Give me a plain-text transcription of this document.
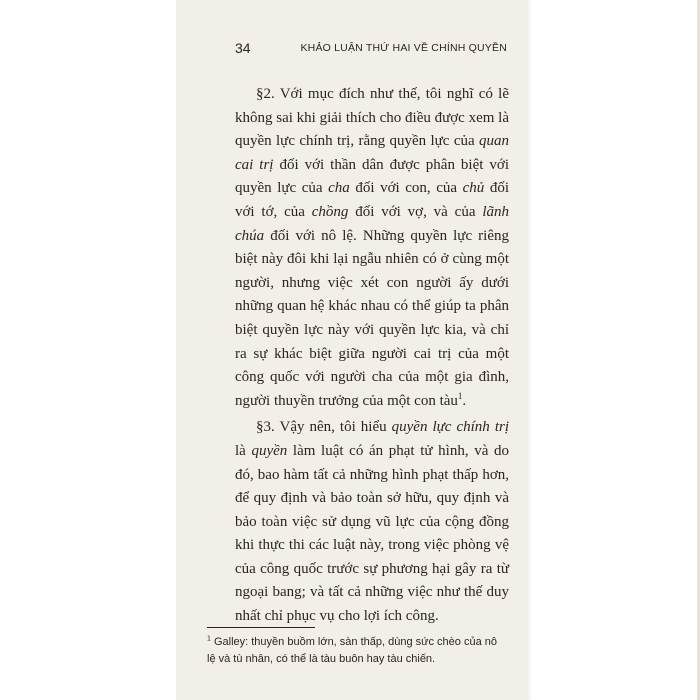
34	KHẢO LUẬN THỨ HAI VỀ CHÍNH QUYỀN

§2. Với mục đích như thế, tôi nghĩ có lẽ không sai khi giải thích cho điều được xem là quyền lực chính trị, rằng quyền lực của quan cai trị đối với thần dân được phân biệt với quyền lực của cha đối với con, của chủ đối với tớ, của chồng đối với vợ, và của lãnh chúa đối với nô lệ. Những quyền lực riêng biệt này đôi khi lại ngẫu nhiên có ở cùng một người, nhưng việc xét con người ấy dưới những quan hệ khác nhau có thể giúp ta phân biệt quyền lực này với quyền lực kia, và chỉ ra sự khác biệt giữa người cai trị của một công quốc với người cha của một gia đình, người thuyền trưởng của một con tàu$^1$.

§3. Vậy nên, tôi hiểu quyền lực chính trị là quyền làm luật có án phạt tử hình, và do đó, bao hàm tất cả những hình phạt thấp hơn, để quy định và bảo toàn sở hữu, quy định và bảo toàn việc sử dụng vũ lực của cộng đồng khi thực thi các luật này, trong việc phòng vệ của công quốc trước sự phương hại gây ra từ ngoại bang; và tất cả những việc như thế duy nhất chỉ phục vụ cho lợi ích công.

$^1$ Galley: thuyền buồm lớn, sàn thấp, dùng sức chèo của nô lệ và tù nhân, có thể là tàu buôn hay tàu chiến.
